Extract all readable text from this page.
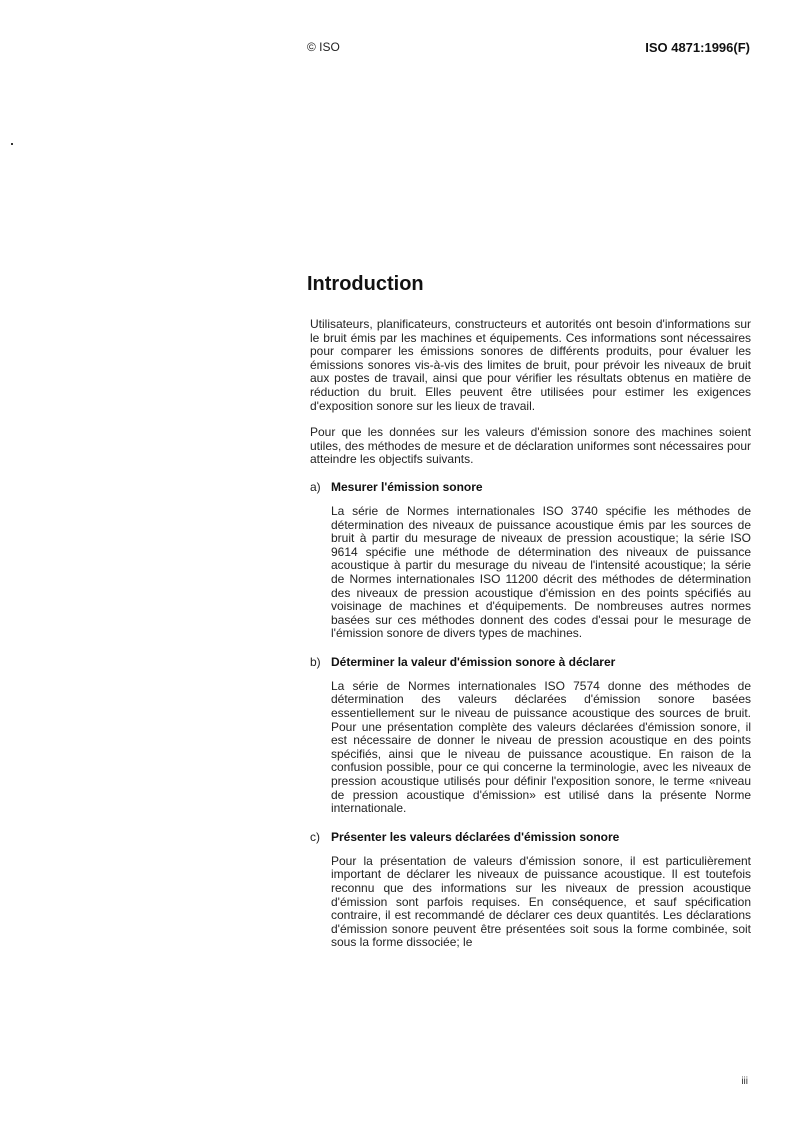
© ISO	ISO 4871:1996(F)
Introduction

Utilisateurs, planificateurs, constructeurs et autorités ont besoin d'informations sur le bruit émis par les machines et équipements. Ces informations sont nécessaires pour comparer les émissions sonores de différents produits, pour évaluer les émissions sonores vis-à-vis des limites de bruit, pour prévoir les niveaux de bruit aux postes de travail, ainsi que pour vérifier les résultats obtenus en matière de réduction du bruit. Elles peuvent être utilisées pour estimer les exigences d'exposition sonore sur les lieux de travail.

Pour que les données sur les valeurs d'émission sonore des machines soient utiles, des méthodes de mesure et de déclaration uniformes sont nécessaires pour atteindre les objectifs suivants.

a) Mesurer l'émission sonore

La série de Normes internationales ISO 3740 spécifie les méthodes de détermination des niveaux de puissance acoustique émis par les sources de bruit à partir du mesurage de niveaux de pression acoustique; la série ISO 9614 spécifie une méthode de détermination des niveaux de puissance acoustique à partir du mesurage du niveau de l'intensité acoustique; la série de Normes internationales ISO 11200 décrit des méthodes de détermination des niveaux de pression acoustique d'émission en des points spécifiés au voisinage de machines et d'équipements. De nombreuses autres normes basées sur ces méthodes donnent des codes d'essai pour le mesurage de l'émission sonore de divers types de machines.

b) Déterminer la valeur d'émission sonore à déclarer

La série de Normes internationales ISO 7574 donne des méthodes de détermination des valeurs déclarées d'émission sonore basées essentiellement sur le niveau de puissance acoustique des sources de bruit. Pour une présentation complète des valeurs déclarées d'émission sonore, il est nécessaire de donner le niveau de pression acoustique en des points spécifiés, ainsi que le niveau de puissance acoustique. En raison de la confusion possible, pour ce qui concerne la terminologie, avec les niveaux de pression acoustique utilisés pour définir l'exposition sonore, le terme «niveau de pression acoustique d'émission» est utilisé dans la présente Norme internationale.

c) Présenter les valeurs déclarées d'émission sonore

Pour la présentation de valeurs d'émission sonore, il est particulièrement important de déclarer les niveaux de puissance acoustique. Il est toutefois reconnu que des informations sur les niveaux de pression acoustique d'émission sont parfois requises. En conséquence, et sauf spécification contraire, il est recommandé de déclarer ces deux quantités. Les déclarations d'émission sonore peuvent être présentées soit sous la forme combinée, soit sous la forme dissociée; le

iii
